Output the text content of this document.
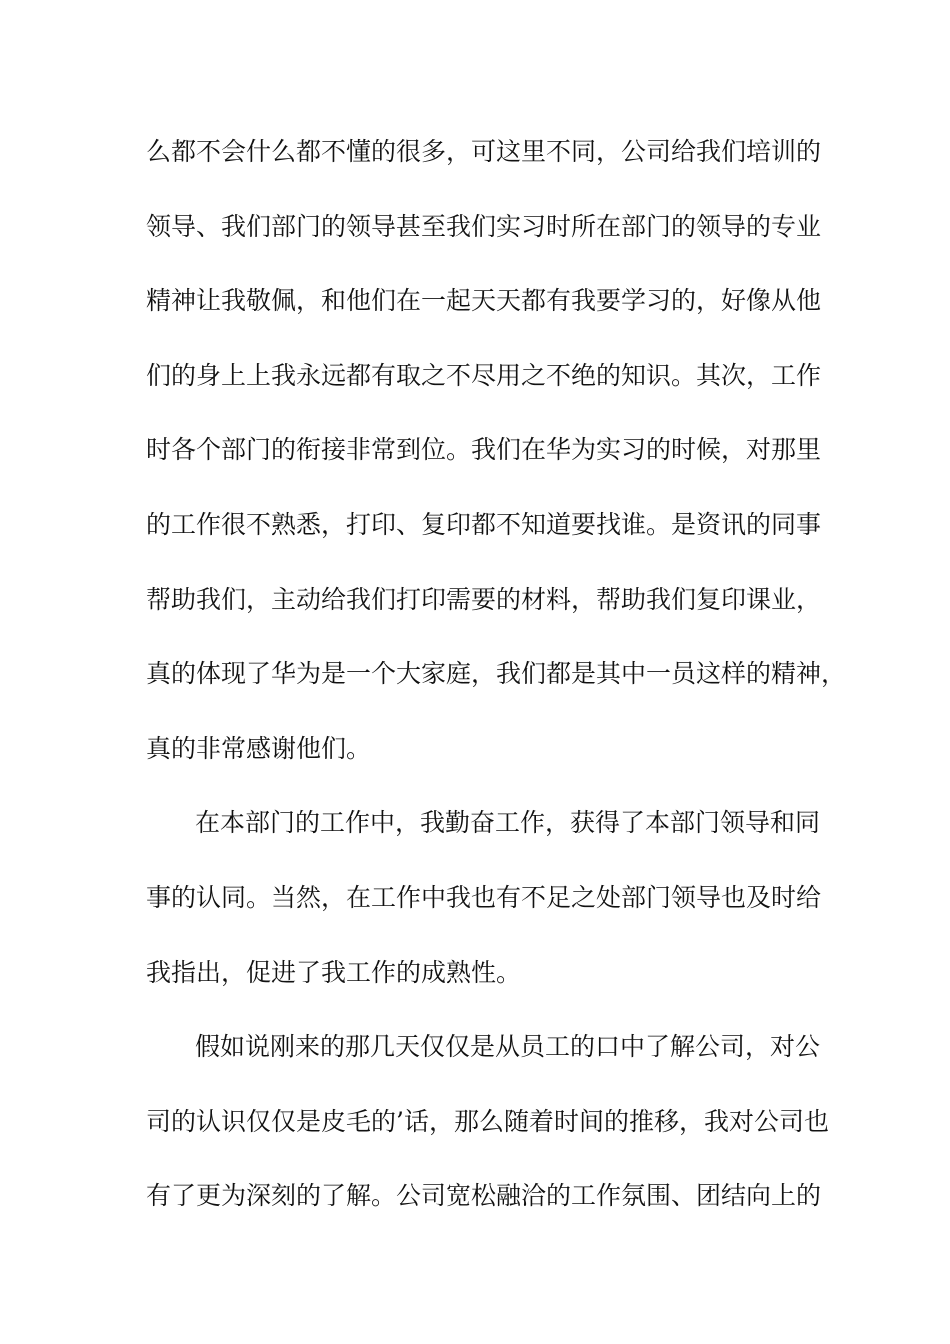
么都不会什么都不懂的很多，可这里不同，公司给我们培训的
领导、我们部门的领导甚至我们实习时所在部门的领导的专业
精神让我敬佩，和他们在一起天天都有我要学习的，好像从他
们的身上上我永远都有取之不尽用之不绝的知识。其次，工作
时各个部门的衔接非常到位。我们在华为实习的时候，对那里
的工作很不熟悉，打印、复印都不知道要找谁。是资讯的同事
帮助我们，主动给我们打印需要的材料，帮助我们复印课业，
真的体现了华为是一个大家庭，我们都是其中一员这样的精神，
真的非常感谢他们。
在本部门的工作中，我勤奋工作，获得了本部门领导和同
事的认同。当然，在工作中我也有不足之处部门领导也及时给
我指出，促进了我工作的成熟性。
假如说刚来的那几天仅仅是从员工的口中了解公司，对公
司的认识仅仅是皮毛的’话，那么随着时间的推移，我对公司也
有了更为深刻的了解。公司宽松融洽的工作氛围、团结向上的
